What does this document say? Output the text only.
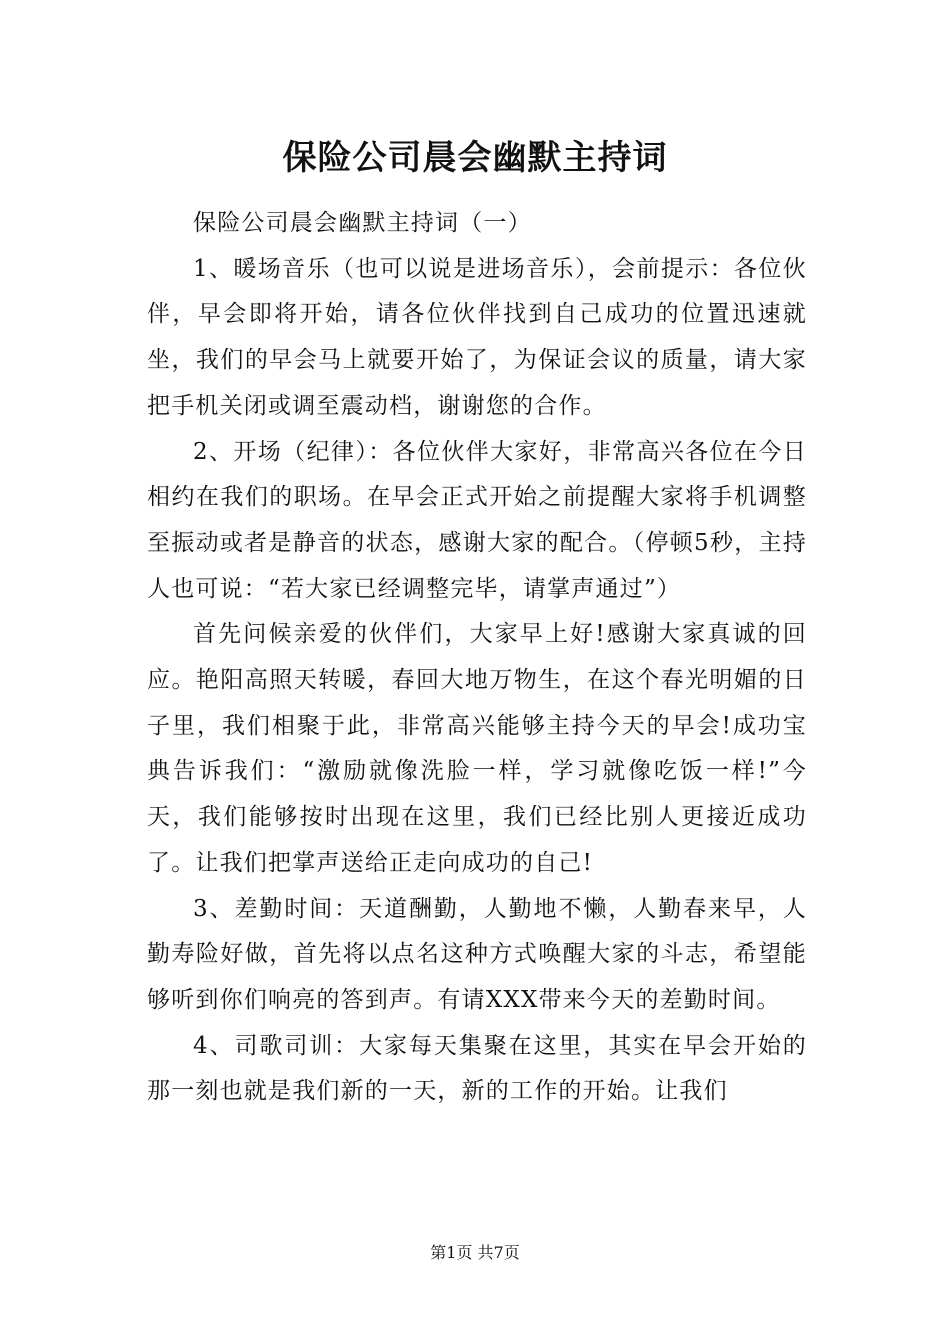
保险公司晨会幽默主持词

保险公司晨会幽默主持词（一）

1、暖场音乐（也可以说是进场音乐），会前提示：各位伙伴，早会即将开始，请各位伙伴找到自己成功的位置迅速就坐，我们的早会马上就要开始了，为保证会议的质量，请大家把手机关闭或调至震动档，谢谢您的合作。

2、开场（纪律）：各位伙伴大家好，非常高兴各位在今日相约在我们的职场。在早会正式开始之前提醒大家将手机调整至振动或者是静音的状态，感谢大家的配合。（停顿5秒，主持人也可说：“若大家已经调整完毕，请掌声通过”）

首先问候亲爱的伙伴们，大家早上好!感谢大家真诚的回应。艳阳高照天转暖，春回大地万物生，在这个春光明媚的日子里，我们相聚于此，非常高兴能够主持今天的早会!成功宝典告诉我们：“激励就像洗脸一样，学习就像吃饭一样!”今天，我们能够按时出现在这里，我们已经比别人更接近成功了。让我们把掌声送给正走向成功的自己!

3、差勤时间：天道酬勤，人勤地不懒，人勤春来早，人勤寿险好做，首先将以点名这种方式唤醒大家的斗志，希望能够听到你们响亮的答到声。有请XXX带来今天的差勤时间。

4、司歌司训：大家每天集聚在这里，其实在早会开始的那一刻也就是我们新的一天，新的工作的开始。让我们

第1页 共7页
